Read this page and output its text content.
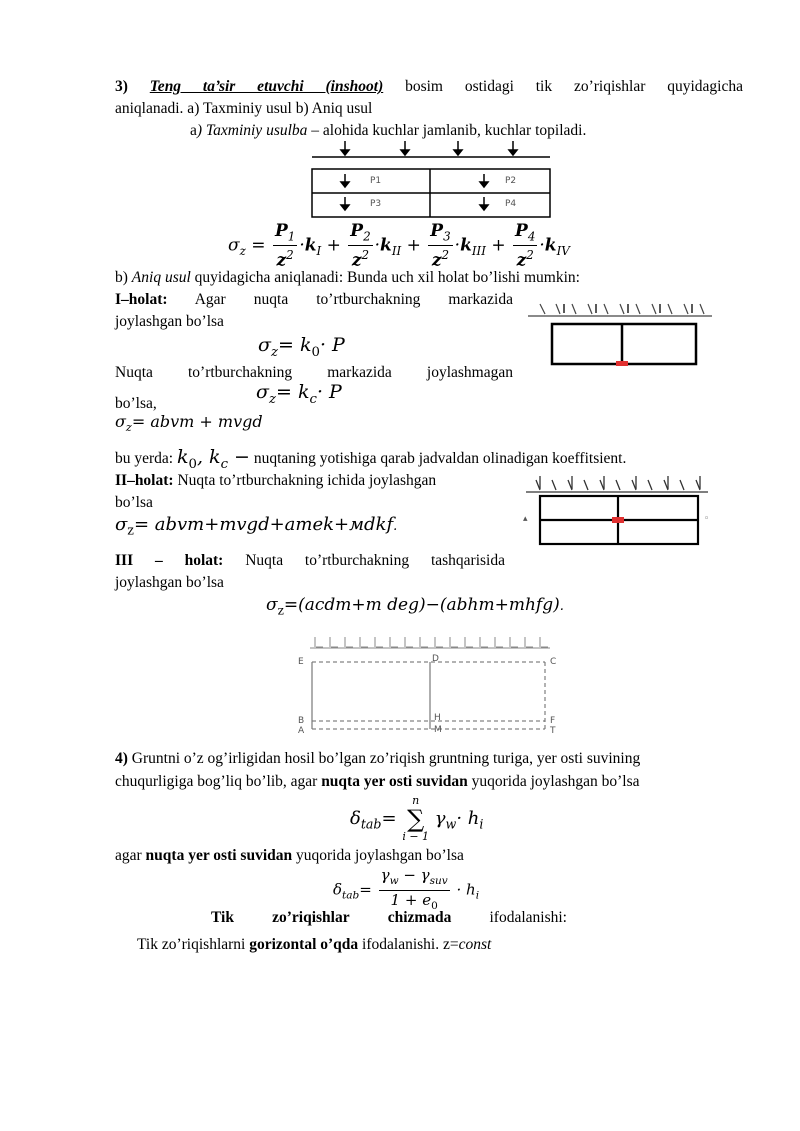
3) Teng ta’sir etuvchi (inshoot) bosim ostidagi tik zo’riqishlar quyidagicha
aniqlanadi. a) Taxminiy usul b) Aniq usul
a) Taxminiy usulba – alohida kuchlar jamlanib, kuchlar topiladi.
P1	P2
P3	P4
$\sigma_z = \frac{P_1}{z^2} \cdot k_I + \frac{P_2}{z^2} \cdot k_{II} + \frac{P_3}{z^2} \cdot k_{III} + \frac{P_4}{z^2} \cdot k_{IV}$
b) Aniq usul quyidagicha aniqlanadi: Bunda uch xil holat bo’lishi mumkin:
I–holat: Agar nuqta to’rtburchakning markazida
joylashgan bo’lsa
$\sigma_z= k_0\cdot P$
Nuqta to’rtburchakning markazida joylashmagan
bo’lsa,
$\sigma_z= k_c\cdot P$
$\sigma_z=$ abvm + mvgd
bu yerda: $k_0$, $k_c$ − nuqtaning yotishiga qarab jadvaldan olinadigan koeffitsient.
II–holat: Nuqta to’rtburchakning ichida joylashgan
bo’lsa
$\sigma_z=$ abvm+mvgd+amek+мdkf.	▴	◦
III – holat: Nuqta to’rtburchakning tashqarisida
joylashgan bo’lsa
$\sigma_z=(acdm+m$ deg)−(abhm+mhfg).
E	D	C
B	H	F
A	M	T
4) Gruntni o’z og’irligidan hosil bo’lgan zo’riqish gruntning turiga, yer osti suvining
chuqurligiga bog’liq bo’lib, agar nuqta yer osti suvidan yuqorida joylashgan bo’lsa
$\delta_{tab}=$
n
∑
i − 1
$\gamma_w\cdot h_i$
agar nuqta yer osti suvidan yuqorida joylashgan bo’lsa
$\delta_{tab}= \frac{\gamma_w - \gamma_{suv}}{1 + e_0} \cdot h_i$
Tik zo’riqishlar chizmada ifodalanishi:
Tik zo’riqishlarni gorizontal o’qda ifodalanishi. z=const
